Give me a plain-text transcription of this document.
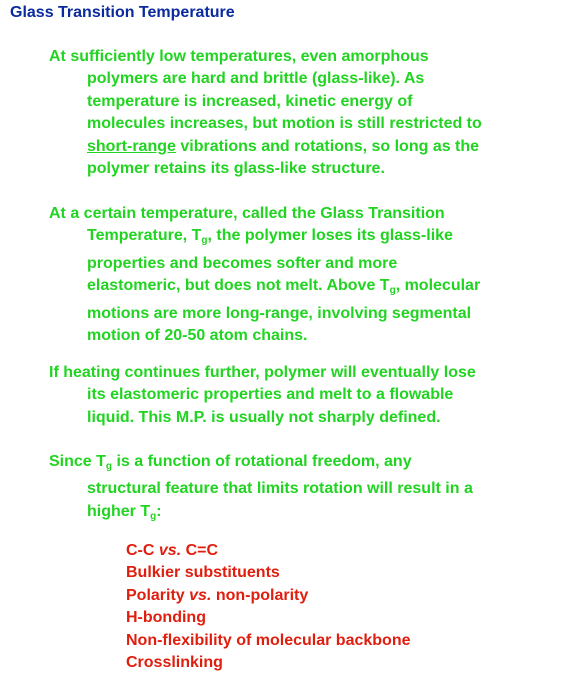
Glass Transition Temperature
At sufficiently low temperatures, even amorphous
polymers are hard and brittle (glass-like). As
temperature is increased, kinetic energy of
molecules increases, but motion is still restricted to
short-range vibrations and rotations, so long as the
polymer retains its glass-like structure.
At a certain temperature, called the Glass Transition
Temperature, $T_g$, the polymer loses its glass-like
properties and becomes softer and more
elastomeric, but does not melt. Above $T_g$, molecular
motions are more long-range, involving segmental
motion of 20-50 atom chains.
If heating continues further, polymer will eventually lose
its elastomeric properties and melt to a flowable
liquid. This M.P. is usually not sharply defined.
Since $T_g$ is a function of rotational freedom, any
structural feature that limits rotation will result in a
higher $T_g$:
C-C vs. C=C
Bulkier substituents
Polarity vs. non-polarity
H-bonding
Non-flexibility of molecular backbone
Crosslinking
